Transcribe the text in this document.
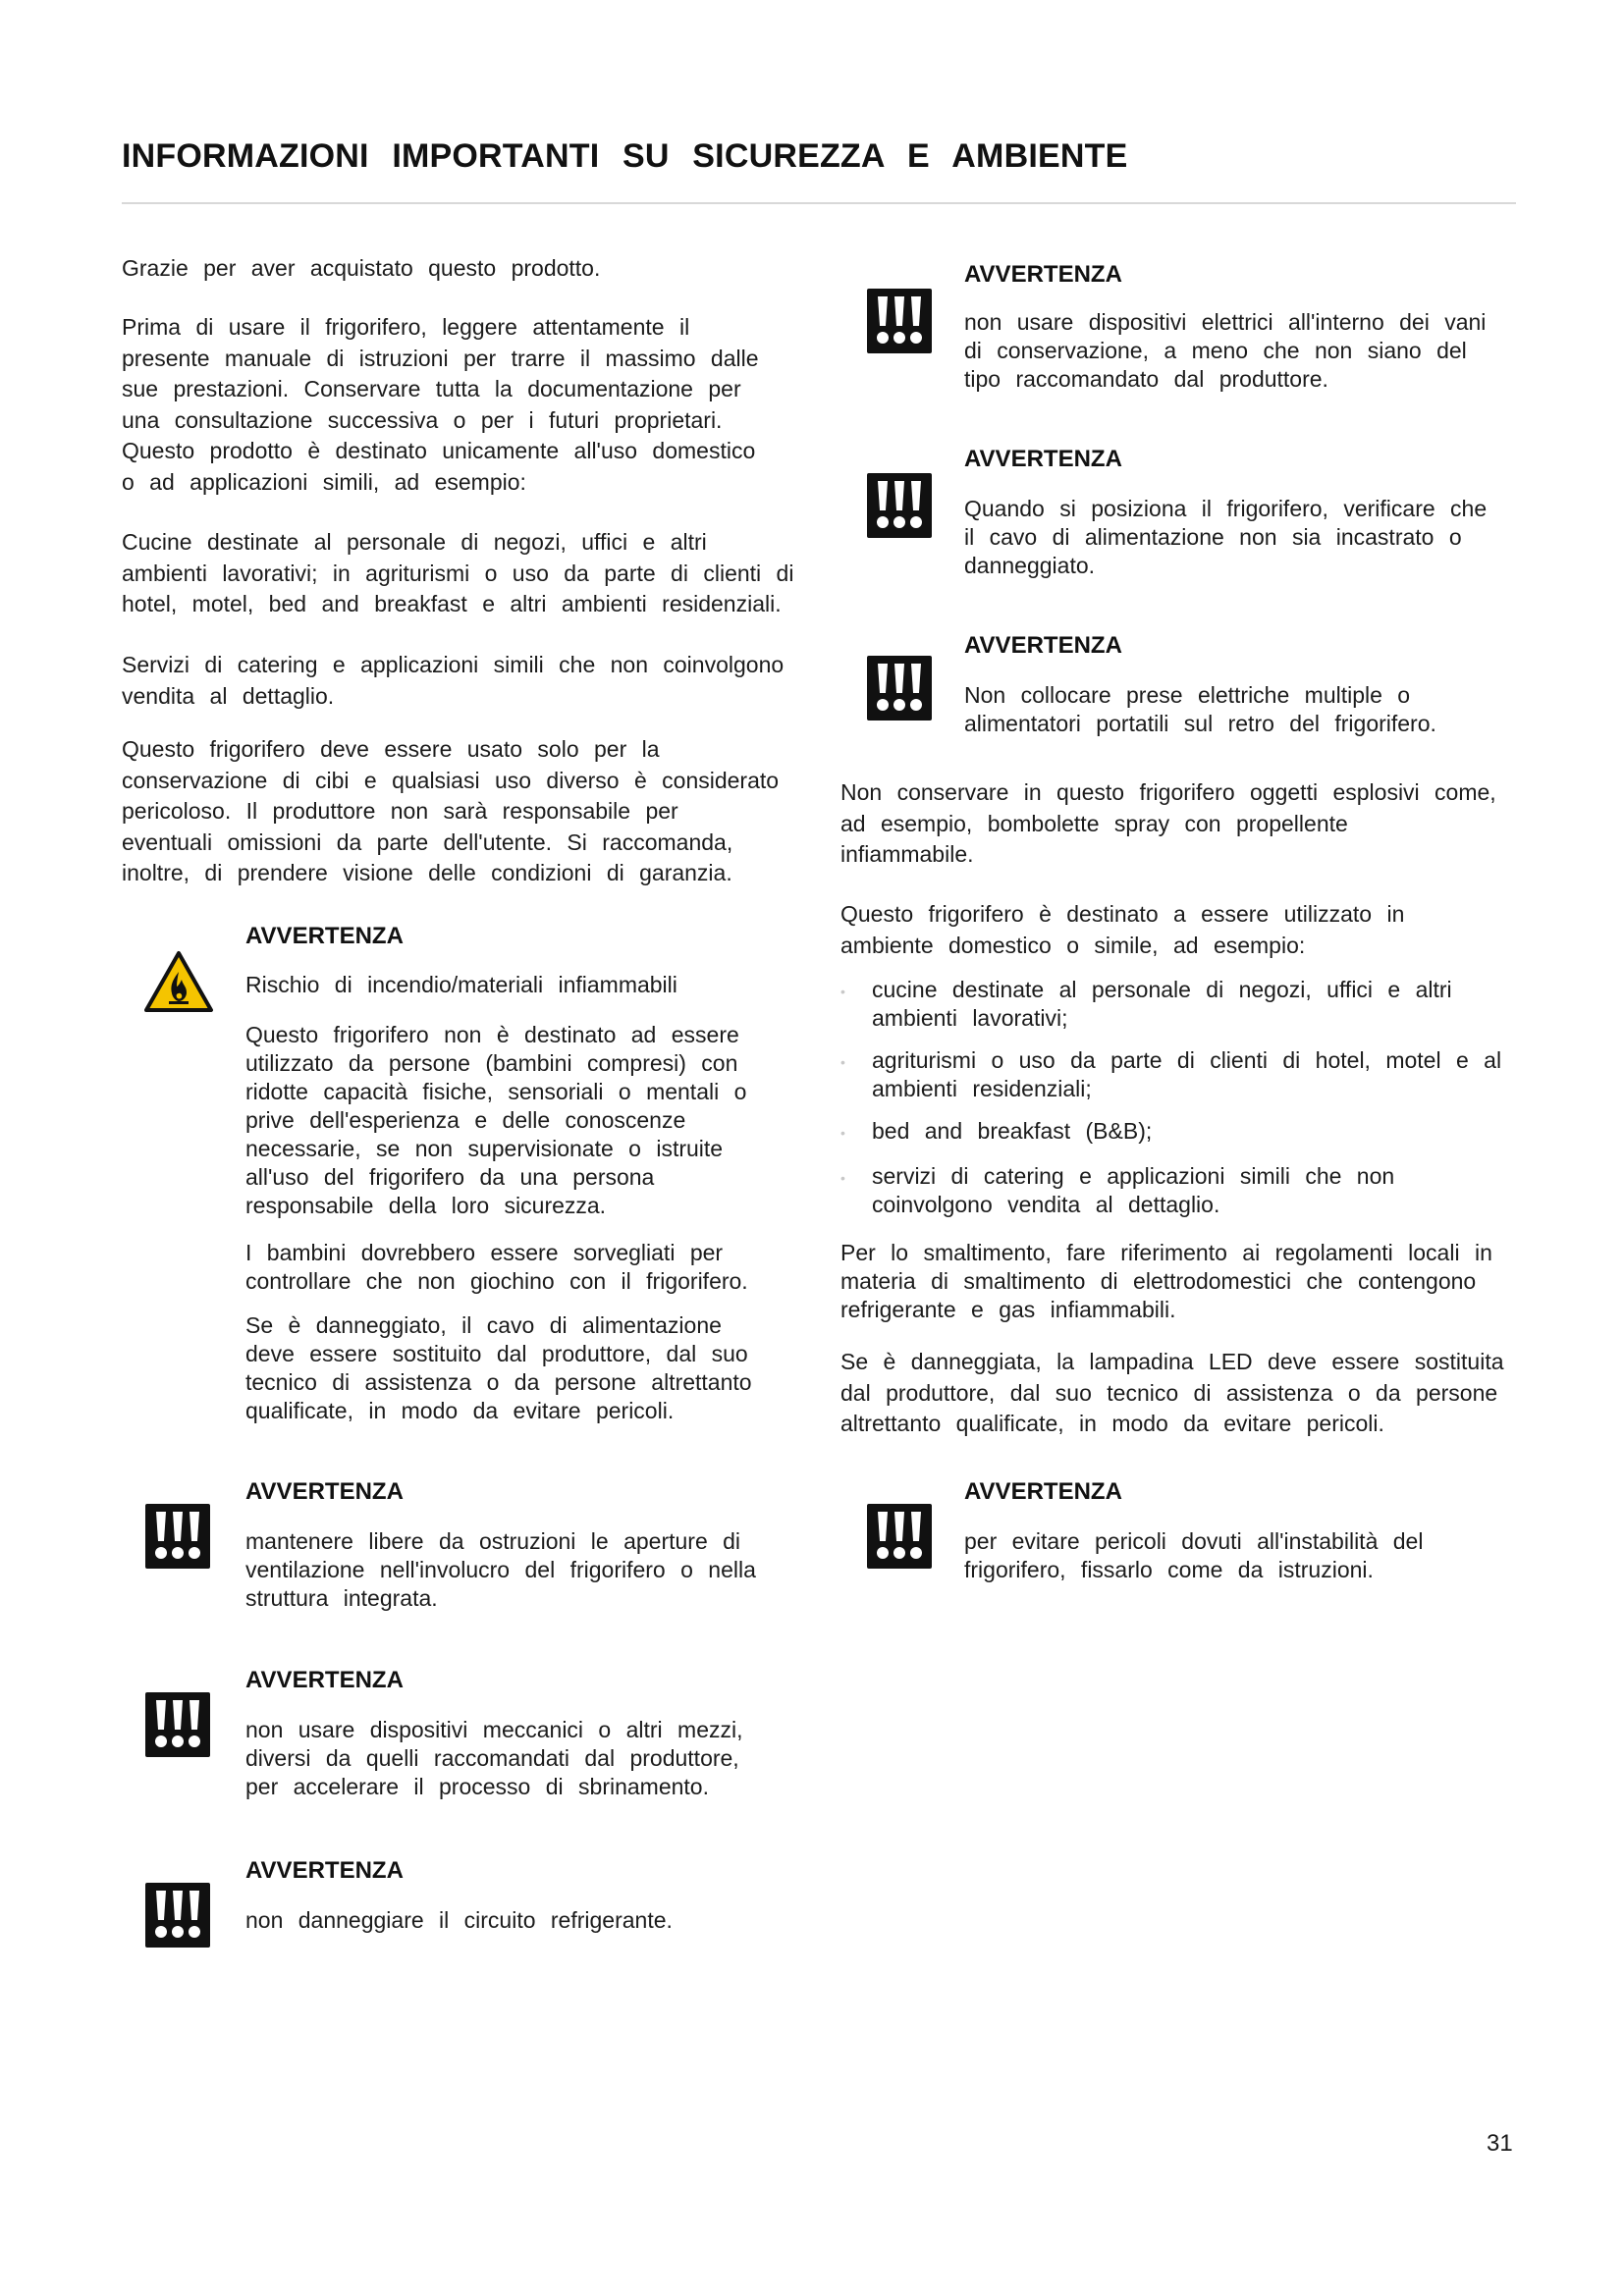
INFORMAZIONI IMPORTANTI SU SICUREZZA E AMBIENTE

Grazie per aver acquistato questo prodotto.

Prima di usare il frigorifero, leggere attentamente il
presente manuale di istruzioni per trarre il massimo dalle
sue prestazioni. Conservare tutta la documentazione per
una consultazione successiva o per i futuri proprietari.
Questo prodotto è destinato unicamente all'uso domestico
o ad applicazioni simili, ad esempio:
Cucine destinate al personale di negozi, uffici e altri
ambienti lavorativi; in agriturismi o uso da parte di clienti di
hotel, motel, bed and breakfast e altri ambienti residenziali.
Servizi di catering e applicazioni simili che non coinvolgono
vendita al dettaglio.
Questo frigorifero deve essere usato solo per la
conservazione di cibi e qualsiasi uso diverso è considerato
pericoloso. Il produttore non sarà responsabile per
eventuali omissioni da parte dell'utente. Si raccomanda,
inoltre, di prendere visione delle condizioni di garanzia.
AVVERTENZA

Rischio di incendio/materiali infiammabili

Questo frigorifero non è destinato ad essere
utilizzato da persone (bambini compresi) con
ridotte capacità fisiche, sensoriali o mentali o
prive dell'esperienza e delle conoscenze
necessarie, se non supervisionate o istruite
all'uso del frigorifero da una persona
responsabile della loro sicurezza.
I bambini dovrebbero essere sorvegliati per
controllare che non giochino con il frigorifero.
Se è danneggiato, il cavo di alimentazione
deve essere sostituito dal produttore, dal suo
tecnico di assistenza o da persone altrettanto
qualificate, in modo da evitare pericoli.
AVVERTENZA
mantenere libere da ostruzioni le aperture di
ventilazione nell'involucro del frigorifero o nella
struttura integrata.
AVVERTENZA
non usare dispositivi meccanici o altri mezzi,
diversi da quelli raccomandati dal produttore,
per accelerare il processo di sbrinamento.
AVVERTENZA
non danneggiare il circuito refrigerante.
AVVERTENZA
non usare dispositivi elettrici all'interno dei vani
di conservazione, a meno che non siano del
tipo raccomandato dal produttore.
AVVERTENZA
Quando si posiziona il frigorifero, verificare che
il cavo di alimentazione non sia incastrato o
danneggiato.
AVVERTENZA
Non collocare prese elettriche multiple o
alimentatori portatili sul retro del frigorifero.
Non conservare in questo frigorifero oggetti esplosivi come,
ad esempio, bombolette spray con propellente
infiammabile.
Questo frigorifero è destinato a essere utilizzato in
ambiente domestico o simile, ad esempio:
• cucine destinate al personale di negozi, uffici e altri
ambienti lavorativi;
• agriturismi o uso da parte di clienti di hotel, motel e al
ambienti residenziali;
• bed and breakfast (B&B);
• servizi di catering e applicazioni simili che non
coinvolgono vendita al dettaglio.
Per lo smaltimento, fare riferimento ai regolamenti locali in
materia di smaltimento di elettrodomestici che contengono
refrigerante e gas infiammabili.
Se è danneggiata, la lampadina LED deve essere sostituita
dal produttore, dal suo tecnico di assistenza o da persone
altrettanto qualificate, in modo da evitare pericoli.
AVVERTENZA
per evitare pericoli dovuti all'instabilità del
frigorifero, fissarlo come da istruzioni.
31
